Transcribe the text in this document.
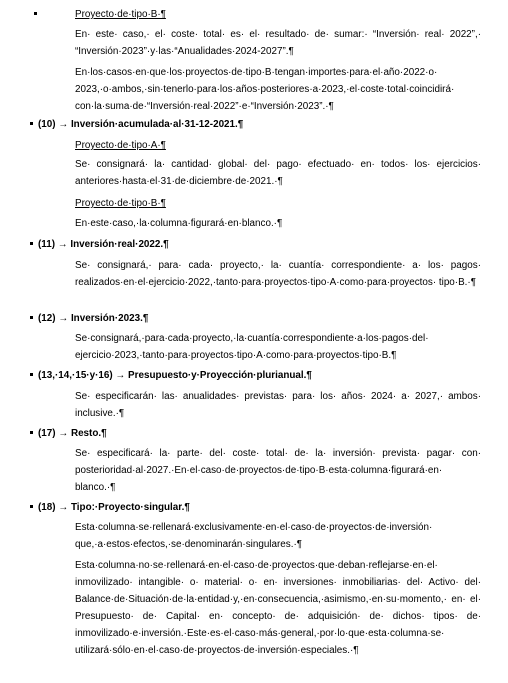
Proyecto·de·tipo·B·¶
En· este· caso,· el· coste· total· es· el· resultado· de· sumar:· “Inversión· real· 2022”,· “Inversión·2023”·y·las·“Anualidades·2024-2027”.¶
En·los·casos·en·que·los·proyectos·de·tipo·B·tengan·importes·para·el·año·2022·o· 2023,·o·ambos,·sin·tenerlo·para·los·años·posteriores·a·2023,·el·coste·total·coincidirá· con·la·suma·de·“Inversión·real·2022”·e·“Inversión·2023”.·¶
(10) → Inversión·acumulada·al·31-12-2021.¶
Proyecto·de·tipo·A·¶
Se· consignará· la· cantidad· global· del· pago· efectuado· en· todos· los· ejercicios· anteriores·hasta·el·31·de·diciembre·de·2021.·¶
Proyecto·de·tipo·B·¶
En·este·caso,·la·columna·figurará·en·blanco.·¶
(11) → Inversión·real·2022.¶
Se· consignará,· para· cada· proyecto,· la· cuantía· correspondiente· a· los· pagos· realizados·en·el·ejercicio·2022,·tanto·para·proyectos·tipo·A·como·para·proyectos· tipo·B.·¶
(12) → Inversión·2023.¶
Se·consignará,·para·cada·proyecto,·la·cuantía·correspondiente·a·los·pagos·del· ejercicio·2023,·tanto·para·proyectos·tipo·A·como·para·proyectos·tipo·B.¶
(13,·14,·15·y·16) → Presupuesto·y·Proyección·plurianual.¶
Se· especificarán· las· anualidades· previstas· para· los· años· 2024· a· 2027,· ambos· inclusive.·¶
(17) → Resto.¶
Se· especificará· la· parte· del· coste· total· de· la· inversión· prevista· pagar· con· posterioridad·al·2027.·En·el·caso·de·proyectos·de·tipo·B·esta·columna·figurará·en· blanco.·¶
(18) → Tipo:·Proyecto·singular.¶
Esta·columna·se·rellenará·exclusivamente·en·el·caso·de·proyectos·de·inversión· que,·a·estos·efectos,·se·denominarán·singulares.·¶
Esta·columna·no·se·rellenará·en·el·caso·de·proyectos·que·deban·reflejarse·en·el· inmovilizado· intangible· o· material· o· en· inversiones· inmobiliarias· del· Activo· del· Balance·de·Situación·de·la·entidad·y,·en·consecuencia,·asimismo,·en·su·momento,· en· el· Presupuesto· de· Capital· en· concepto· de· adquisición· de· dichos· tipos· de· inmovilizado·e·inversión.·Este·es·el·caso·más·general,·por·lo·que·esta·columna·se· utilizará·sólo·en·el·caso·de·proyectos·de·inversión·especiales.·¶
